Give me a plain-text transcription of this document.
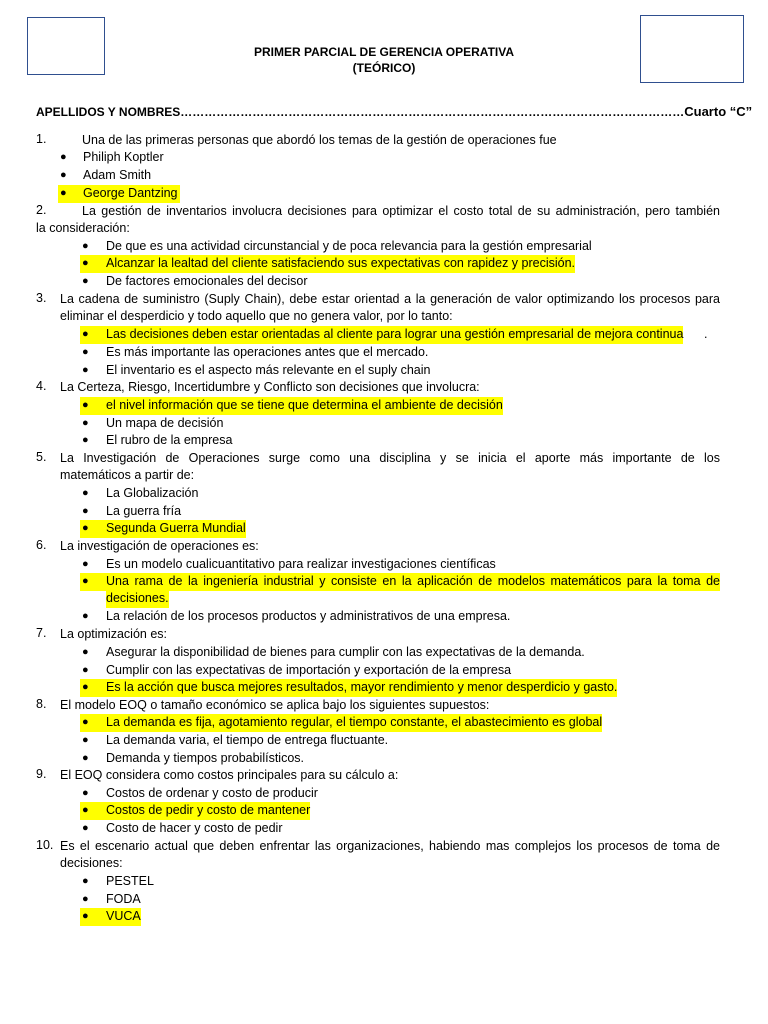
PRIMER PARCIAL DE GERENCIA OPERATIVA
(TEÓRICO)
APELLIDOS Y NOMBRES………………………………………………………………………………………………………………Cuarto “C”
1.	Una de las primeras personas que abordó los temas de la gestión de operaciones fue
● Philiph Koptler
● Adam Smith
George Dantzing
●
2.	La gestión de inventarios involucra decisiones para optimizar el costo total de su administración, pero también
la consideración:
● De que es una actividad circunstancial y de poca relevancia para la gestión empresarial
Alcanzar la lealtad del cliente satisfaciendo sus expectativas con rapidez y precisión.
●
● De factores emocionales del decisor
3. La cadena de suministro (Suply Chain), debe estar orientad a la generación de valor optimizando los procesos para
eliminar el desperdicio y todo aquello que no genera valor, por lo tanto:
Las decisiones deben estar orientadas al cliente para lograr una gestión empresarial de mejora continua .
●
● Es más importante las operaciones antes que el mercado.
● El inventario es el aspecto más relevante en el suply chain
4. La Certeza, Riesgo, Incertidumbre y Conflicto son decisiones que involucra:
el nivel información que se tiene que determina el ambiente de decisión
●
● Un mapa de decisión
● El rubro de la empresa
5. La Investigación de Operaciones surge como una disciplina y se inicia el aporte más importante de los
matemáticos a partir de:
● La Globalización
● La guerra fría
Segunda Guerra Mundial
●
6. La investigación de operaciones es:
● Es un modelo cualicuantitativo para realizar investigaciones científicas
Una rama de la ingeniería industrial y consiste en la aplicación de modelos matemáticos para la toma de
●
decisiones.
● La relación de los procesos productos y administrativos de una empresa.
7. La optimización es:
● Asegurar la disponibilidad de bienes para cumplir con las expectativas de la demanda.
● Cumplir con las expectativas de importación y exportación de la empresa
Es la acción que busca mejores resultados, mayor rendimiento y menor desperdicio y gasto.
●
8. El modelo EOQ o tamaño económico se aplica bajo los siguientes supuestos:
La demanda es fija, agotamiento regular, el tiempo constante, el abastecimiento es global
●
● La demanda varia, el tiempo de entrega fluctuante.
● Demanda y tiempos probabilísticos.
9. El EOQ considera como costos principales para su cálculo a:
● Costos de ordenar y costo de producir
Costos de pedir y costo de mantener
●
● Costo de hacer y costo de pedir
10. Es el escenario actual que deben enfrentar las organizaciones, habiendo mas complejos los procesos de toma de
decisiones:
● PESTEL
● FODA
VUCA
●
